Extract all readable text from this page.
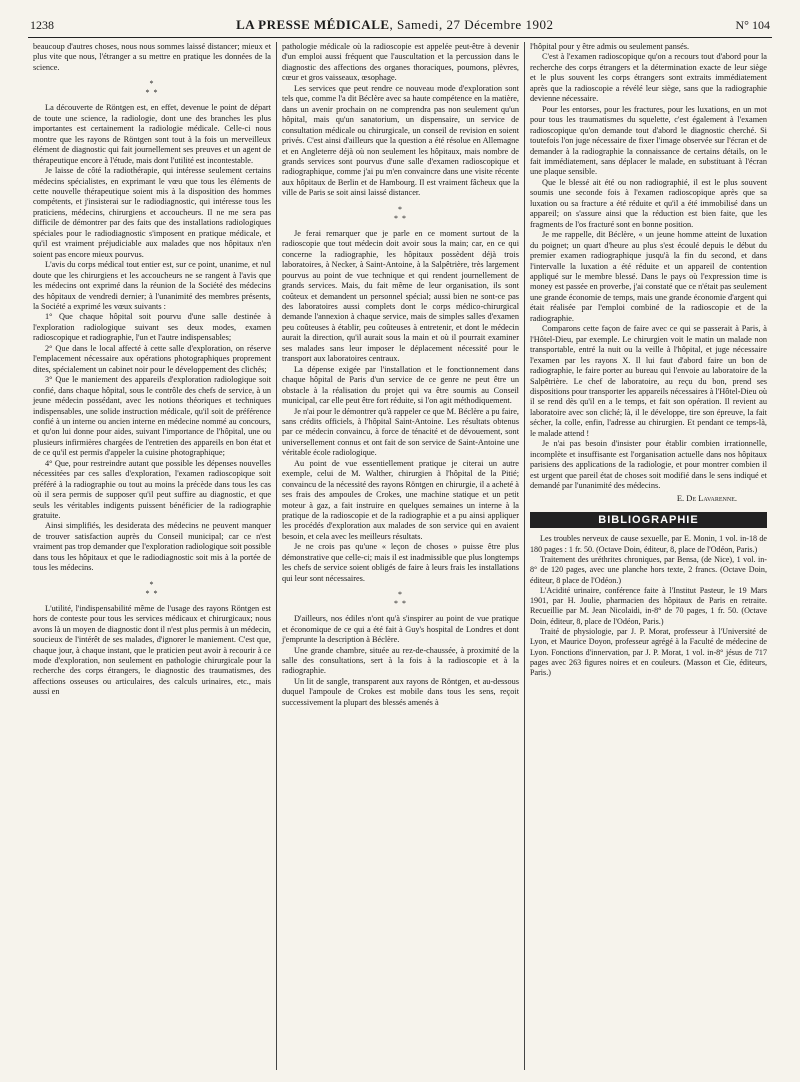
1238	LA PRESSE MÉDICALE, Samedi, 27 Décembre 1902	N° 104

beaucoup d'autres choses, nous nous sommes laissé distancer; mieux et plus vite que nous, l'étranger a su mettre en pratique les données de la science.

*
* *

La découverte de Röntgen est, en effet, devenue le point de départ de toute une science, la radiologie, dont une des branches les plus importantes est certainement la radiologie médicale. Celle-ci nous montre que les rayons de Röntgen sont tout à la fois un merveilleux élément de diagnostic qui fait journellement ses preuves et un agent de thérapeutique encore à l'étude, mais dont l'utilité est incontestable.

Je laisse de côté la radiothérapie, qui intéresse seulement certains médecins spécialistes, en exprimant le vœu que tous les éléments de cette nouvelle thérapeutique soient mis à la disposition des hommes compétents, et j'insisterai sur le radiodiagnostic, qui intéresse tous les praticiens, médecins, chirurgiens et accoucheurs. Il ne me sera pas difficile de démontrer par des faits que des installations radiologiques spéciales pour le radiodiagnostic s'imposent en pratique médicale, et qu'il est vraiment préjudiciable aux malades que nos hôpitaux n'en soient pas encore mieux pourvus.

L'avis du corps médical tout entier est, sur ce point, unanime, et nul doute que les chirurgiens et les accoucheurs ne se rangent à l'avis que les médecins ont exprimé dans la réunion de la Société des médecins des hôpitaux de vendredi dernier; à l'unanimité des membres présents, la Société a exprimé les vœux suivants :

1° Que chaque hôpital soit pourvu d'une salle destinée à l'exploration radiologique suivant ses deux modes, examen radioscopique et radiographie, l'un et l'autre indispensables;

2° Que dans le local affecté à cette salle d'exploration, on réserve l'emplacement nécessaire aux opérations photographiques proprement dites, spécialement un cabinet noir pour le développement des clichés;

3° Que le maniement des appareils d'exploration radiologique soit confié, dans chaque hôpital, sous le contrôle des chefs de service, à un jeune médecin possédant, avec les notions théoriques et techniques indispensables, une solide instruction médicale, qu'il soit de préférence confié à un interne ou ancien interne en médecine nommé au concours, et qu'on lui donne pour aides, suivant l'importance de l'hôpital, une ou plusieurs infirmières chargées de l'entretien des appareils en bon état et de ce qu'il est permis d'appeler la cuisine photographique;

4° Que, pour restreindre autant que possible les dépenses nouvelles nécessitées par ces salles d'exploration, l'examen radioscopique soit préféré à la radiographie ou tout au moins la précède dans tous les cas où il sera permis de supposer qu'il peut suffire au diagnostic, et que seuls les véritables indigents puissent bénéficier de la radiographie gratuite.

Ainsi simplifiés, les desiderata des médecins ne peuvent manquer de trouver satisfaction auprès du Conseil municipal; car ce n'est vraiment pas trop demander que l'exploration radiologique soit possible dans tous les hôpitaux et que le radiodiagnostic soit mis à la portée de tous les médecins.

*
* *

L'utilité, l'indispensabilité même de l'usage des rayons Röntgen est hors de conteste pour tous les services médicaux et chirurgicaux; nous avons là un moyen de diagnostic dont il n'est plus permis à un médecin, soucieux de l'intérêt de ses malades, d'ignorer le maniement. C'est que, chaque jour, à chaque instant, que le praticien peut avoir à recourir à ce mode d'exploration, non seulement en pathologie chirurgicale pour la recherche des corps étrangers, le diagnostic des traumatismes, des affections osseuses ou articulaires, des calculs urinaires, etc., mais aussi en

pathologie médicale où la radioscopie est appelée peut-être à devenir d'un emploi aussi fréquent que l'auscultation et la percussion dans le diagnostic des affections des organes thoraciques, poumons, plèvres, cœur et gros vaisseaux, œsophage.

Les services que peut rendre ce nouveau mode d'exploration sont tels que, comme l'a dit Béclère avec sa haute compétence en la matière, dans un avenir prochain on ne comprendra pas non seulement qu'un hôpital, mais qu'un sanatorium, un dispensaire, un service de consultation médicale ou chirurgicale, un conseil de revision en soient privés. C'est ainsi d'ailleurs que la question a été résolue en Allemagne et en Angleterre déjà où non seulement les hôpitaux, mais nombre de grands services sont pourvus d'une salle d'examen radioscopique et radiographique, comme j'ai pu m'en convaincre dans une visite récente aux hôpitaux de Berlin et de Hambourg. Il est vraiment fâcheux que la ville de Paris se soit ainsi laissé distancer.

*
* *

Je ferai remarquer que je parle en ce moment surtout de la radioscopie que tout médecin doit avoir sous la main; car, en ce qui concerne la radiographie, les hôpitaux possèdent déjà trois laboratoires, à Necker, à Saint-Antoine, à la Salpêtrière, très largement pourvus au point de vue technique et qui rendent journellement de grands services. Mais, du fait même de leur organisation, ils sont coûteux et demandent un personnel spécial; aussi bien ne sont-ce pas des laboratoires aussi complets dont le corps médico-chirurgical demande l'annexion à chaque service, mais de simples salles d'examen peu coûteuses à établir, peu coûteuses à entretenir, et dont le médecin aurait la direction, qu'il aurait sous la main et où il pourrait examiner ses malades sans leur imposer le déplacement nécessité pour le transport aux laboratoires centraux.

La dépense exigée par l'installation et le fonctionnement dans chaque hôpital de Paris d'un service de ce genre ne peut être un obstacle à la réalisation du projet qui va être soumis au Conseil municipal, car elle peut être fort réduite, si l'on agit méthodiquement.

Je n'ai pour le démontrer qu'à rappeler ce que M. Béclère a pu faire, sans crédits officiels, à l'hôpital Saint-Antoine. Les résultats obtenus par ce médecin convaincu, à force de ténacité et de dévouement, sont universellement connus et ont fait de son service de Saint-Antoine une véritable école radiologique.

Au point de vue essentiellement pratique je citerai un autre exemple, celui de M. Walther, chirurgien à l'hôpital de la Pitié; convaincu de la nécessité des rayons Röntgen en chirurgie, il a acheté à ses frais des ampoules de Crokes, une machine statique et un petit moteur à gaz, a fait instruire en quelques semaines un interne à la pratique de la radioscopie et de la radiographie et a pu ainsi appliquer les procédés d'exploration aux malades de son service qui en avaient besoin, et cela avec les meilleurs résultats.

Je ne crois pas qu'une « leçon de choses » puisse être plus démonstrative que celle-ci; mais il est inadmissible que plus longtemps les chefs de service soient obligés de faire à leurs frais les installations qui leur sont nécessaires.

*
* *

D'ailleurs, nos édiles n'ont qu'à s'inspirer au point de vue pratique et économique de ce qui a été fait à Guy's hospital de Londres et dont j'emprunte la description à Béclère.

Une grande chambre, située au rez-de-chaussée, à proximité de la salle des consultations, sert à la fois à la radioscopie et à la radiographie.

Un lit de sangle, transparent aux rayons de Röntgen, et au-dessous duquel l'ampoule de Crokes est mobile dans tous les sens, reçoit successivement la plupart des blessés amenés à

l'hôpital pour y être admis ou seulement pansés.

C'est à l'examen radioscopique qu'on a recours tout d'abord pour la recherche des corps étrangers et la détermination exacte de leur siège et le plus souvent les corps étrangers sont extraits immédiatement après que la radioscopie a révélé leur siège, sans que la radiographie devienne nécessaire.

Pour les entorses, pour les fractures, pour les luxations, en un mot pour tous les traumatismes du squelette, c'est également à l'examen radioscopique qu'on demande tout d'abord le diagnostic cherché. Si toutefois l'on juge nécessaire de fixer l'image observée sur l'écran et de demander à la radiographie la connaissance de certains détails, on le fait immédiatement, sans déplacer le malade, en substituant à l'écran une plaque sensible.

Que le blessé ait été ou non radiographié, il est le plus souvent soumis une seconde fois à l'examen radioscopique après que sa luxation ou sa fracture a été réduite et qu'il a été immobilisé dans un appareil; on s'assure ainsi que la réduction est bien faite, que les fragments de l'os fracturé sont en bonne position.

Je me rappelle, dit Béclère, « un jeune homme atteint de luxation du poignet; un quart d'heure au plus s'est écoulé depuis le début du premier examen radiographique jusqu'à la fin du second, et dans l'intervalle la luxation a été réduite et un appareil de contention appliqué sur le membre blessé. Dans le pays où l'expression time is money est passée en proverbe, j'ai constaté que ce n'était pas seulement une grande économie de temps, mais une grande économie d'argent qui était réalisée par l'emploi combiné de la radioscopie et de la radiographie.

Comparons cette façon de faire avec ce qui se passerait à Paris, à l'Hôtel-Dieu, par exemple. Le chirurgien voit le matin un malade non transportable, entré la nuit ou la veille à l'hôpital, et juge nécessaire l'examen par les rayons X. Il lui faut d'abord faire un bon de radiographie, le faire porter au bureau qui l'envoie au laboratoire de la Salpêtrière. Le chef de laboratoire, au reçu du bon, prend ses dispositions pour transporter les appareils nécessaires à l'Hôtel-Dieu où il se rend dès qu'il en a le temps, et fait son opération. Il revient au laboratoire avec son cliché; là, il le développe, tire son épreuve, la fait sécher, la colle, enfin, l'adresse au chirurgien. Et pendant ce temps-là, le malade attend !

Je n'ai pas besoin d'insister pour établir combien irrationnelle, incomplète et insuffisante est l'organisation actuelle dans nos hôpitaux parisiens des applications de la radiologie, et pour montrer combien il est urgent que pareil état de choses soit modifié dans le sens indiqué et demandé par l'unanimité des médecins.

E. De Lavarenne.
BIBLIOGRAPHIE

Les troubles nerveux de cause sexuelle, par E. Monin, 1 vol. in-18 de 180 pages : 1 fr. 50. (Octave Doin, éditeur, 8, place de l'Odéon, Paris.)

Traitement des uréthrites chroniques, par Bensa, (de Nice), 1 vol. in-8° de 120 pages, avec une planche hors texte, 2 francs. (Octave Doin, éditeur, 8 place de l'Odéon.)

L'Acidité urinaire, conférence faite à l'Institut Pasteur, le 19 Mars 1901, par H. Joulie, pharmacien des hôpitaux de Paris en retraite. Recueillie par M. Jean Nicolaidi, in-8° de 70 pages, 1 fr. 50. (Octave Doin, éditeur, 8, place de l'Odéon, Paris.)

Traité de physiologie, par J. P. Morat, professeur à l'Université de Lyon, et Maurice Doyon, professeur agrégé à la Faculté de médecine de Lyon. Fonctions d'innervation, par J. P. Morat, 1 vol. in-8° jésus de 717 pages avec 263 figures noires et en couleurs. (Masson et Cie, éditeurs, Paris.)
